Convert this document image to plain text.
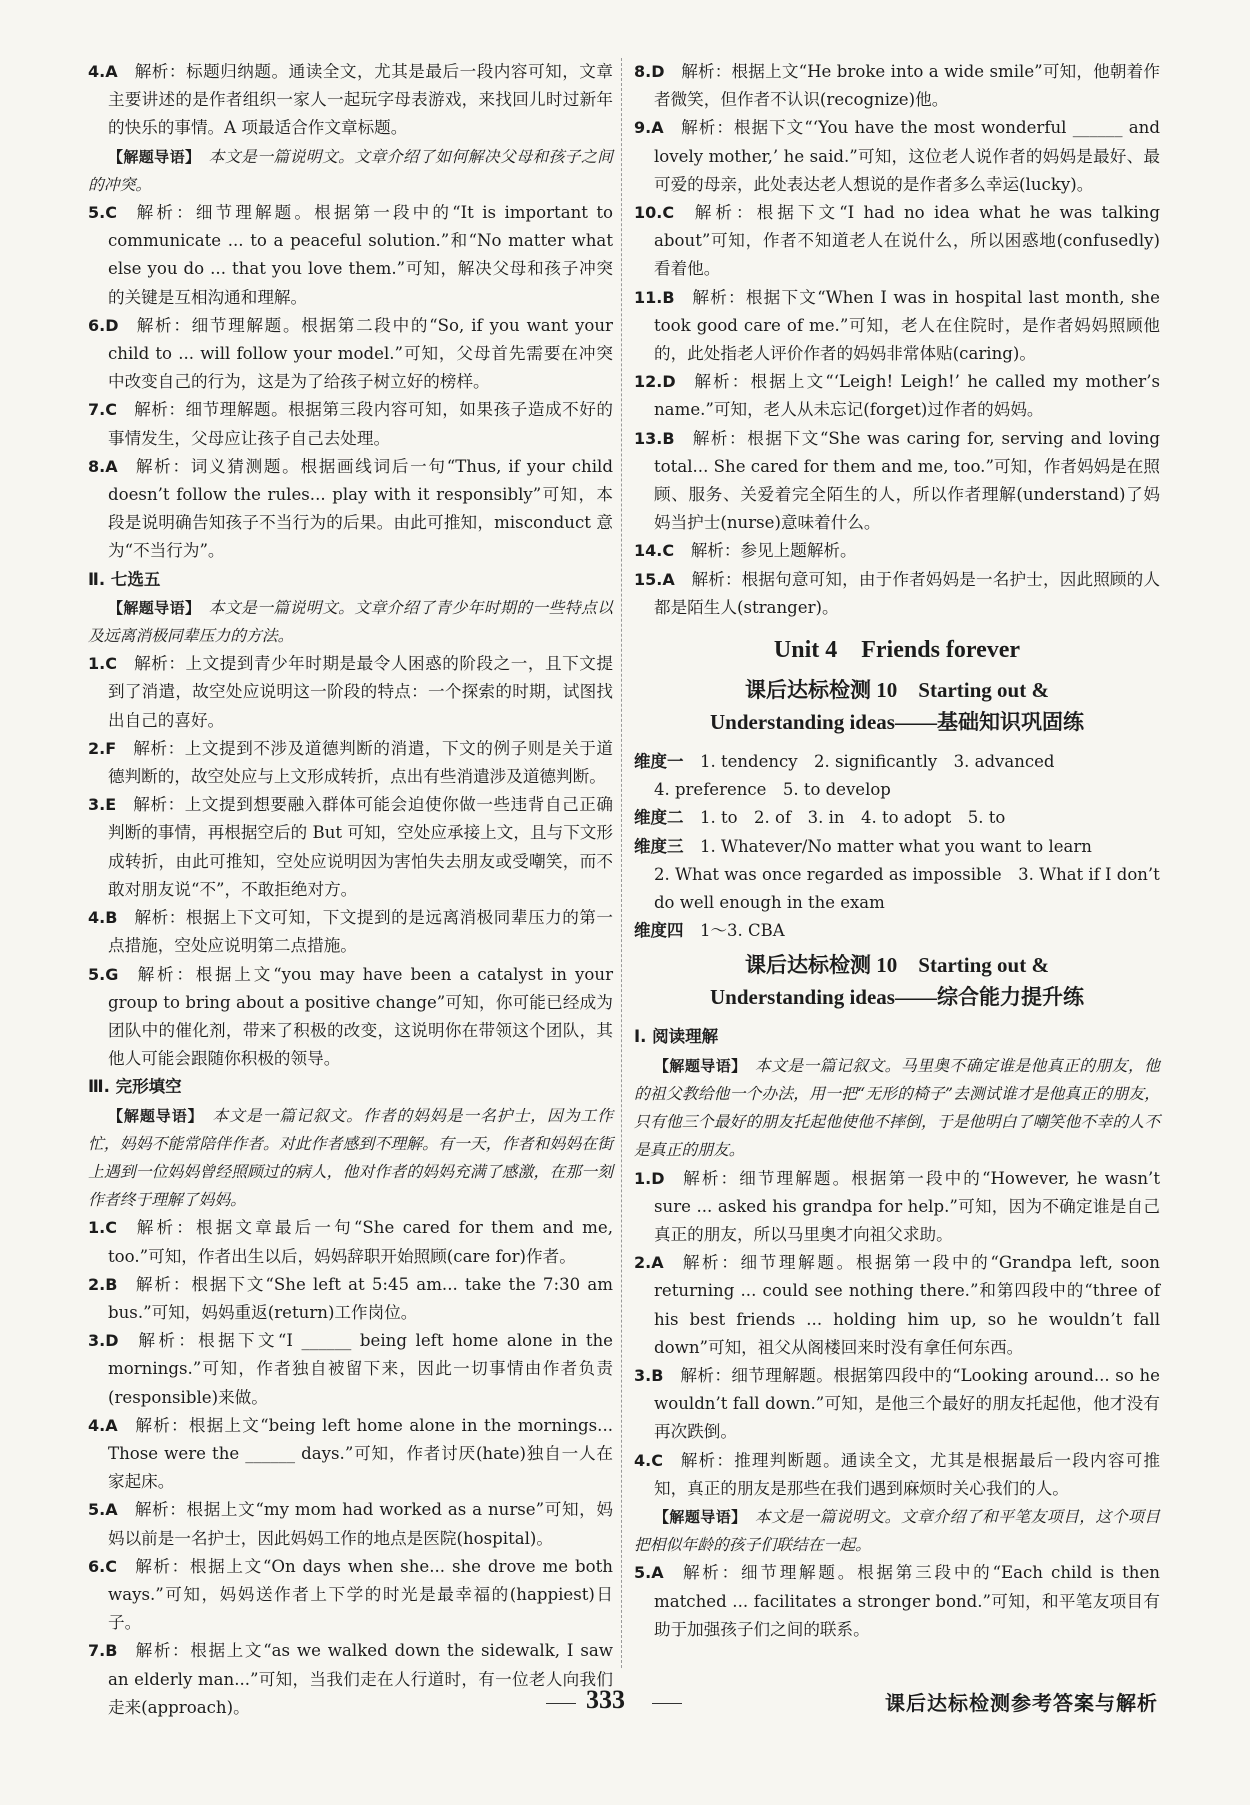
4.A  解析：标题归纳题。通读全文，尤其是最后一段内容可知，文章主要讲述的是作者组织一家人一起玩字母表游戏，来找回儿时过新年的快乐的事情。A 项最适合作文章标题。

【解题导语】  本文是一篇说明文。文章介绍了如何解决父母和孩子之间的冲突。

5.C  解析：细节理解题。根据第一段中的“It is important to communicate ... to a peaceful solution.”和“No matter what else you do ... that you love them.”可知，解决父母和孩子冲突的关键是互相沟通和理解。

6.D  解析：细节理解题。根据第二段中的“So, if you want your child to ... will follow your model.”可知，父母首先需要在冲突中改变自己的行为，这是为了给孩子树立好的榜样。

7.C  解析：细节理解题。根据第三段内容可知，如果孩子造成不好的事情发生，父母应让孩子自己去处理。

8.A  解析：词义猜测题。根据画线词后一句“Thus, if your child doesn’t follow the rules... play with it responsibly”可知，本段是说明确告知孩子不当行为的后果。由此可推知，misconduct 意为“不当行为”。

Ⅱ. 七选五

【解题导语】  本文是一篇说明文。文章介绍了青少年时期的一些特点以及远离消极同辈压力的方法。

1.C  解析：上文提到青少年时期是最令人困惑的阶段之一，且下文提到了消遣，故空处应说明这一阶段的特点：一个探索的时期，试图找出自己的喜好。

2.F  解析：上文提到不涉及道德判断的消遣，下文的例子则是关于道德判断的，故空处应与上文形成转折，点出有些消遣涉及道德判断。

3.E  解析：上文提到想要融入群体可能会迫使你做一些违背自己正确判断的事情，再根据空后的 But 可知，空处应承接上文，且与下文形成转折，由此可推知，空处应说明因为害怕失去朋友或受嘲笑，而不敢对朋友说“不”，不敢拒绝对方。

4.B  解析：根据上下文可知，下文提到的是远离消极同辈压力的第一点措施，空处应说明第二点措施。

5.G  解析：根据上文“you may have been a catalyst in your group to bring about a positive change”可知，你可能已经成为团队中的催化剂，带来了积极的改变，这说明你在带领这个团队，其他人可能会跟随你积极的领导。

Ⅲ. 完形填空

【解题导语】  本文是一篇记叙文。作者的妈妈是一名护士，因为工作忙，妈妈不能常陪伴作者。对此作者感到不理解。有一天，作者和妈妈在街上遇到一位妈妈曾经照顾过的病人，他对作者的妈妈充满了感激，在那一刻作者终于理解了妈妈。

1.C  解析：根据文章最后一句“She cared for them and me, too.”可知，作者出生以后，妈妈辞职开始照顾(care for)作者。

2.B  解析：根据下文“She left at 5:45 am... take the 7:30 am bus.”可知，妈妈重返(return)工作岗位。

3.D  解析：根据下文“I ______ being left home alone in the mornings.”可知，作者独自被留下来，因此一切事情由作者负责(responsible)来做。

4.A  解析：根据上文“being left home alone in the mornings... Those were the ______ days.”可知，作者讨厌(hate)独自一人在家起床。

5.A  解析：根据上文“my mom had worked as a nurse”可知，妈妈以前是一名护士，因此妈妈工作的地点是医院(hospital)。

6.C  解析：根据上文“On days when she... she drove me both ways.”可知，妈妈送作者上下学的时光是最幸福的(happiest)日子。

7.B  解析：根据上文“as we walked down the sidewalk, I saw an elderly man...”可知，当我们走在人行道时，有一位老人向我们走来(approach)。

8.D  解析：根据上文“He broke into a wide smile”可知，他朝着作者微笑，但作者不认识(recognize)他。

9.A  解析：根据下文“‘You have the most wonderful ______ and lovely mother,’ he said.”可知，这位老人说作者的妈妈是最好、最可爱的母亲，此处表达老人想说的是作者多么幸运(lucky)。

10.C  解析：根据下文“I had no idea what he was talking about”可知，作者不知道老人在说什么，所以困惑地(confusedly)看着他。

11.B  解析：根据下文“When I was in hospital last month, she took good care of me.”可知，老人在住院时，是作者妈妈照顾他的，此处指老人评价作者的妈妈非常体贴(caring)。

12.D  解析：根据上文“‘Leigh! Leigh!’ he called my mother’s name.”可知，老人从未忘记(forget)过作者的妈妈。

13.B  解析：根据下文“She was caring for, serving and loving total... She cared for them and me, too.”可知，作者妈妈是在照顾、服务、关爱着完全陌生的人，所以作者理解(understand)了妈妈当护士(nurse)意味着什么。

14.C  解析：参见上题解析。

15.A  解析：根据句意可知，由于作者妈妈是一名护士，因此照顾的人都是陌生人(stranger)。

Unit 4　Friends forever
课后达标检测 10　Starting out &
Understanding ideas——基础知识巩固练

维度一  1. tendency　2. significantly　3. advanced

4. preference　5. to develop

维度二  1. to　2. of　3. in　4. to adopt　5. to

维度三  1. Whatever/No matter what you want to learn

2. What was once regarded as impossible　3. What if I don’t do well enough in the exam

维度四  1～3. CBA

课后达标检测 10　Starting out &
Understanding ideas——综合能力提升练

Ⅰ. 阅读理解

【解题导语】  本文是一篇记叙文。马里奥不确定谁是他真正的朋友，他的祖父教给他一个办法，用一把“无形的椅子”去测试谁才是他真正的朋友，只有他三个最好的朋友托起他使他不摔倒，于是他明白了嘲笑他不幸的人不是真正的朋友。

1.D  解析：细节理解题。根据第一段中的“However, he wasn’t sure ... asked his grandpa for help.”可知，因为不确定谁是自己真正的朋友，所以马里奥才向祖父求助。

2.A  解析：细节理解题。根据第一段中的“Grandpa left, soon returning ... could see nothing there.”和第四段中的“three of his best friends ... holding him up, so he wouldn’t fall down”可知，祖父从阁楼回来时没有拿任何东西。

3.B  解析：细节理解题。根据第四段中的“Looking around... so he wouldn’t fall down.”可知，是他三个最好的朋友托起他，他才没有再次跌倒。

4.C  解析：推理判断题。通读全文，尤其是根据最后一段内容可推知，真正的朋友是那些在我们遇到麻烦时关心我们的人。

【解题导语】  本文是一篇说明文。文章介绍了和平笔友项目，这个项目把相似年龄的孩子们联结在一起。

5.A  解析：细节理解题。根据第三段中的“Each child is then matched ... facilitates a stronger bond.”可知，和平笔友项目有助于加强孩子们之间的联系。

333	课后达标检测参考答案与解析
